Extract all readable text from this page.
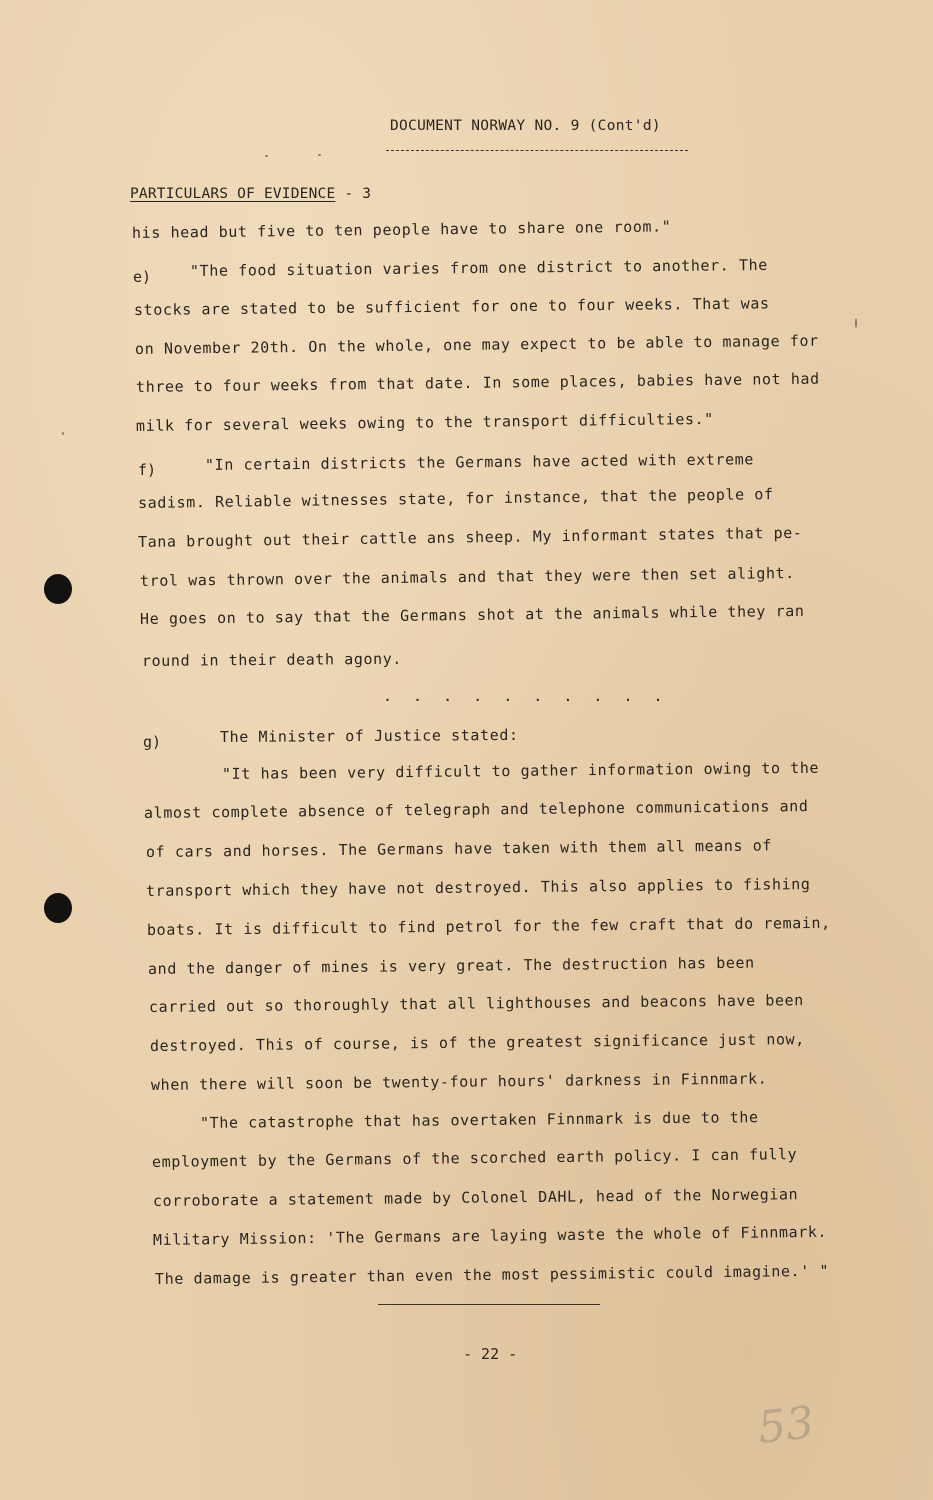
DOCUMENT NORWAY NO. 9 (Cont'd)
PARTICULARS OF EVIDENCE - 3
his head but five to ten people have to share one room."
e)	"The food situation varies from one district to another. The
stocks are stated to be sufficient for one to four weeks. That was
on November 20th. On the whole, one may expect to be able to manage for
three to four weeks from that date. In some places, babies have not had
milk for several weeks owing to the transport difficulties."
f)	"In certain districts the Germans have acted with extreme
sadism. Reliable witnesses state, for instance, that the people of
Tana brought out their cattle ans sheep. My informant states that pe-
trol was thrown over the animals and that they were then set alight.
He goes on to say that the Germans shot at the animals while they ran
round in their death agony.
. . . . . . . . . .
g)	The Minister of Justice stated:
"It has been very difficult to gather information owing to the
almost complete absence of telegraph and telephone communications and
of cars and horses. The Germans have taken with them all means of
transport which they have not destroyed. This also applies to fishing
boats. It is difficult to find petrol for the few craft that do remain,
and the danger of mines is very great. The destruction has been
carried out so thoroughly that all lighthouses and beacons have been
destroyed. This of course, is of the greatest significance just now,
when there will soon be twenty-four hours' darkness in Finnmark.
"The catastrophe that has overtaken Finnmark is due to the
employment by the Germans of the scorched earth policy. I can fully
corroborate a statement made by Colonel DAHL, head of the Norwegian
Military Mission: 'The Germans are laying waste the whole of Finnmark.
The damage is greater than even the most pessimistic could imagine.' "
- 22 -
53
